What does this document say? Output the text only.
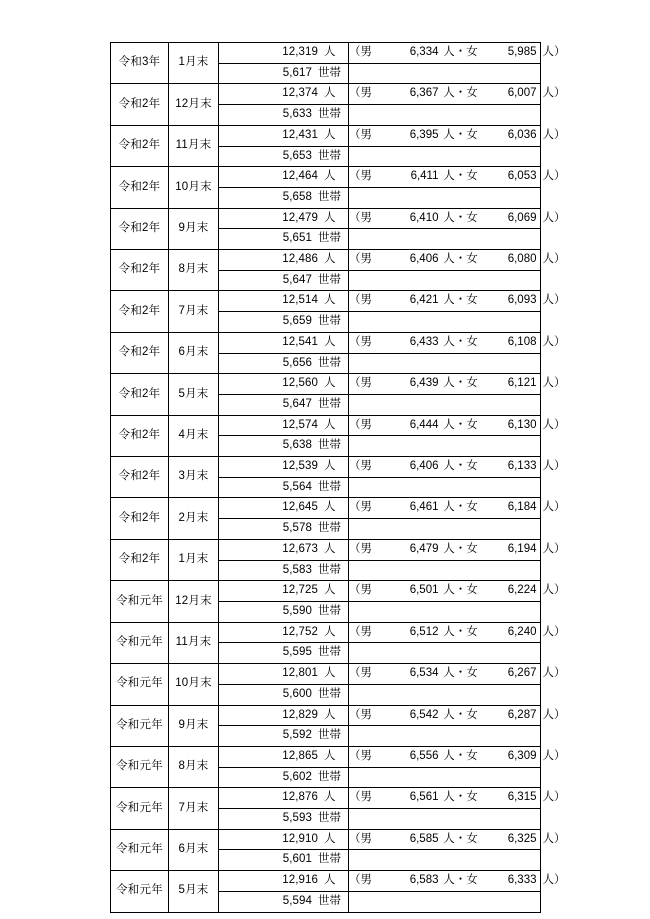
令和3年	1月末	12,319 人	（男 6,334 人・女 5,985 人）
		5,617 世帯	
令和2年	12月末	12,374 人	（男 6,367 人・女 6,007 人）
		5,633 世帯	
令和2年	11月末	12,431 人	（男 6,395 人・女 6,036 人）
		5,653 世帯	
令和2年	10月末	12,464 人	（男 6,411 人・女 6,053 人）
		5,658 世帯	
令和2年	9月末	12,479 人	（男 6,410 人・女 6,069 人）
		5,651 世帯	
令和2年	8月末	12,486 人	（男 6,406 人・女 6,080 人）
		5,647 世帯	
令和2年	7月末	12,514 人	（男 6,421 人・女 6,093 人）
		5,659 世帯	
令和2年	6月末	12,541 人	（男 6,433 人・女 6,108 人）
		5,656 世帯	
令和2年	5月末	12,560 人	（男 6,439 人・女 6,121 人）
		5,647 世帯	
令和2年	4月末	12,574 人	（男 6,444 人・女 6,130 人）
		5,638 世帯	
令和2年	3月末	12,539 人	（男 6,406 人・女 6,133 人）
		5,564 世帯	
令和2年	2月末	12,645 人	（男 6,461 人・女 6,184 人）
		5,578 世帯	
令和2年	1月末	12,673 人	（男 6,479 人・女 6,194 人）
		5,583 世帯	
令和元年	12月末	12,725 人	（男 6,501 人・女 6,224 人）
		5,590 世帯	
令和元年	11月末	12,752 人	（男 6,512 人・女 6,240 人）
		5,595 世帯	
令和元年	10月末	12,801 人	（男 6,534 人・女 6,267 人）
		5,600 世帯	
令和元年	9月末	12,829 人	（男 6,542 人・女 6,287 人）
		5,592 世帯	
令和元年	8月末	12,865 人	（男 6,556 人・女 6,309 人）
		5,602 世帯	
令和元年	7月末	12,876 人	（男 6,561 人・女 6,315 人）
		5,593 世帯	
令和元年	6月末	12,910 人	（男 6,585 人・女 6,325 人）
		5,601 世帯	
令和元年	5月末	12,916 人	（男 6,583 人・女 6,333 人）
		5,594 世帯	
